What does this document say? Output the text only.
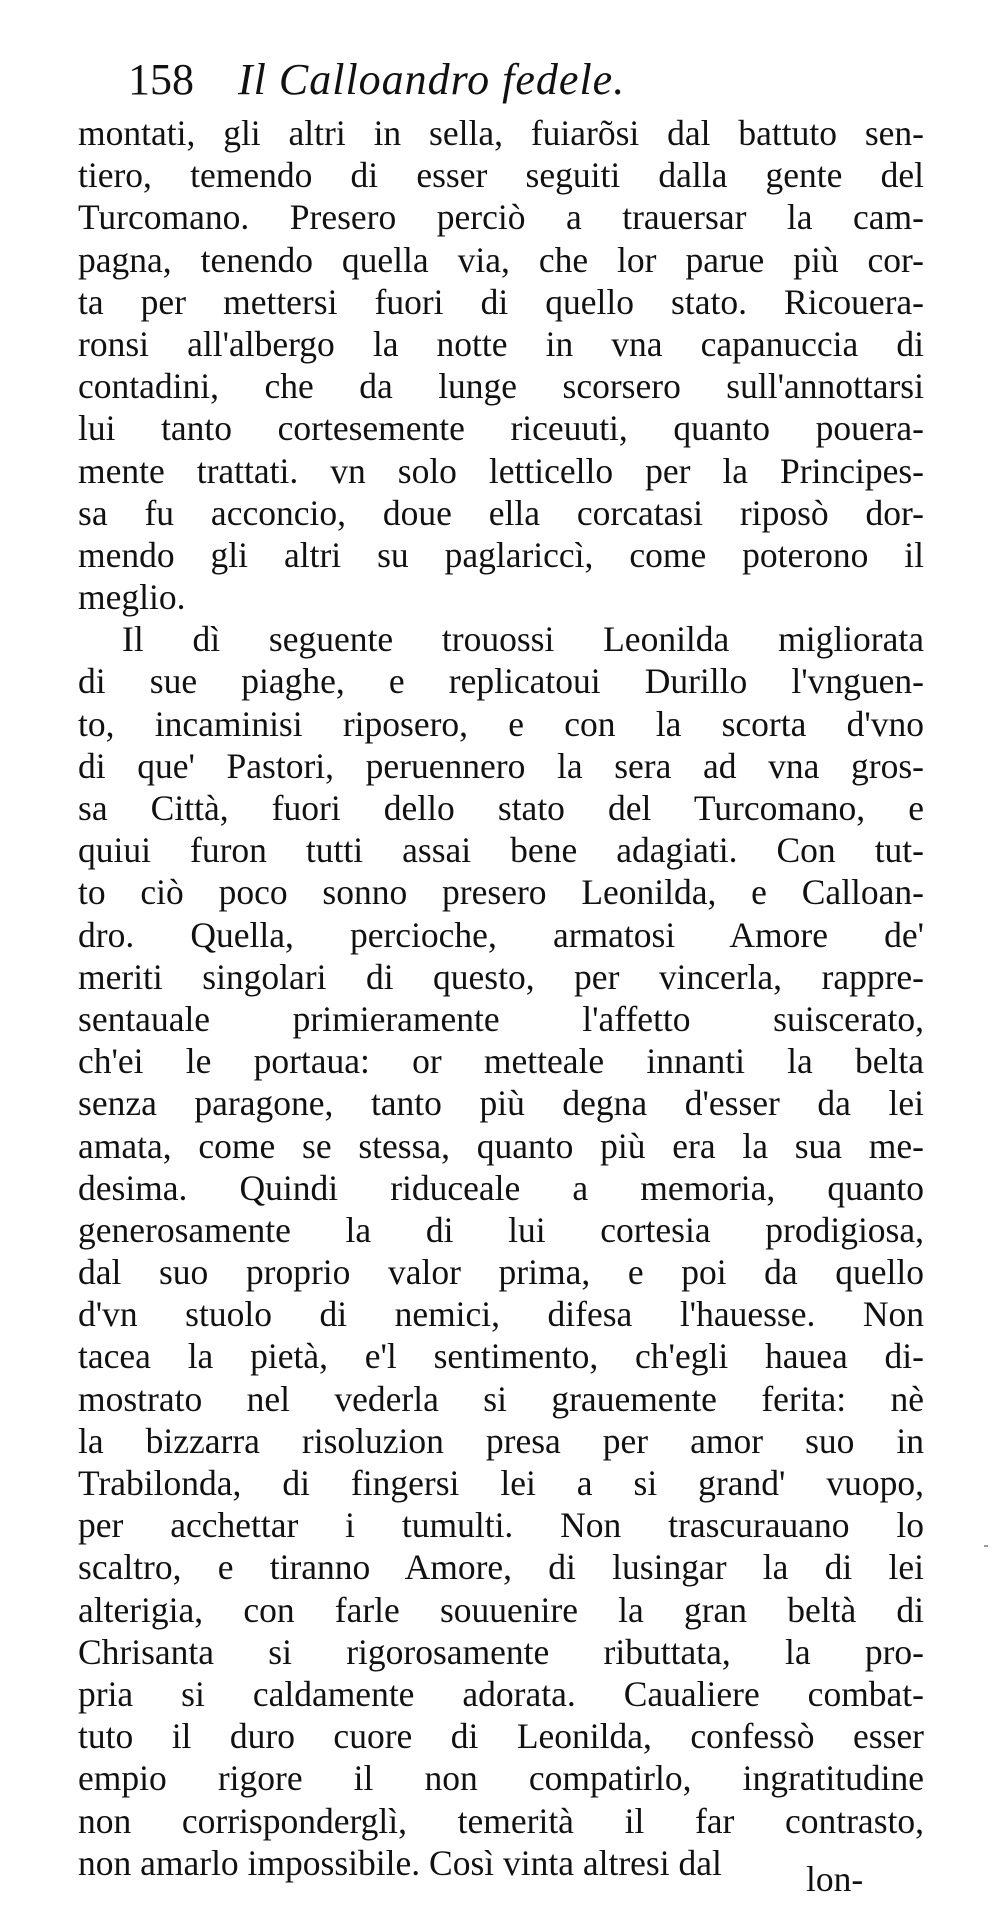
158 Il Calloandro fedele.
montati, gli altri in sella, fuiarõsi dal battuto sen-
tiero, temendo di esser seguiti dalla gente del
Turcomano. Presero perciò a trauersar la cam-
pagna, tenendo quella via, che lor parue più cor-
ta per mettersi fuori di quello stato. Ricouera-
ronsi all'albergo la notte in vna capanuccia di
contadini, che da lunge scorsero sull'annottarsi
lui tanto cortesemente riceuuti, quanto pouera-
mente trattati. vn solo letticello per la Principes-
sa fu acconcio, doue ella corcatasi riposò dor-
mendo gli altri su paglariccì, come poterono il
meglio.
Il dì seguente trouossi Leonilda migliorata
di sue piaghe, e replicatoui Durillo l'vnguen-
to, incaminisi riposero, e con la scorta d'vno
di que' Pastori, peruennero la sera ad vna gros-
sa Città, fuori dello stato del Turcomano, e
quiui furon tutti assai bene adagiati. Con tut-
to ciò poco sonno presero Leonilda, e Calloan-
dro. Quella, percioche, armatosi Amore de'
meriti singolari di questo, per vincerla, rappre-
sentauale primieramente l'affetto suiscerato,
ch'ei le portaua: or metteale innanti la belta
senza paragone, tanto più degna d'esser da lei
amata, come se stessa, quanto più era la sua me-
desima. Quindi riduceale a memoria, quanto
generosamente la di lui cortesia prodigiosa,
dal suo proprio valor prima, e poi da quello
d'vn stuolo di nemici, difesa l'hauesse. Non
tacea la pietà, e'l sentimento, ch'egli hauea di-
mostrato nel vederla si grauemente ferita: nè
la bizzarra risoluzion presa per amor suo in
Trabilonda, di fingersi lei a si grand' vuopo,
per acchettar i tumulti. Non trascurauano lo
scaltro, e tiranno Amore, di lusingar la di lei
alterigia, con farle souuenire la gran beltà di
Chrisanta si rigorosamente ributtata, la pro-
pria si caldamente adorata. Caualiere combat-
tuto il duro cuore di Leonilda, confessò esser
empio rigore il non compatirlo, ingratitudine
non corrisponderglì, temerità il far contrasto,
non amarlo impossibile. Così vinta altresi dal	lon-
